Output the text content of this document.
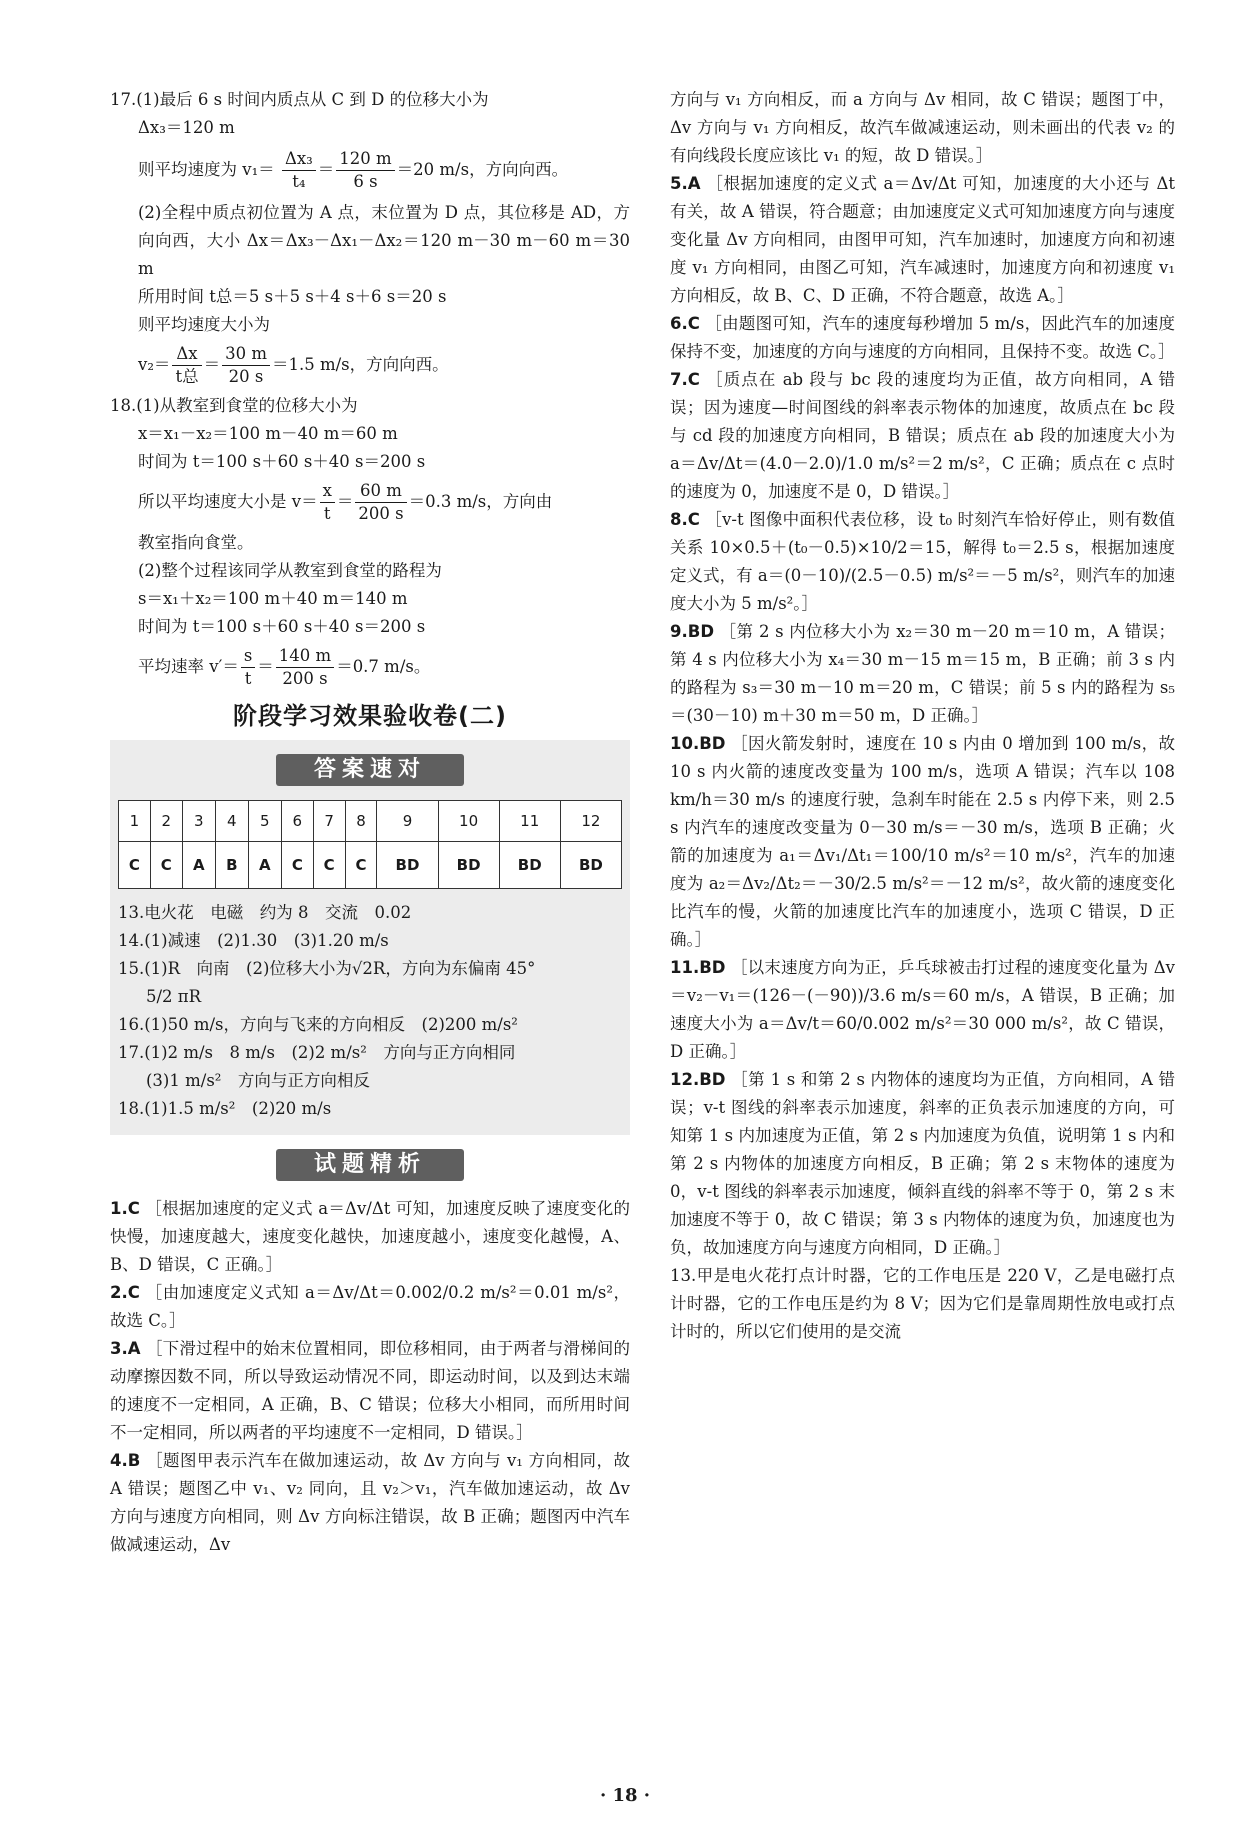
17.(1)最后 6 s 时间内质点从 C 到 D 的位移大小为

Δx₃＝120 m

则平均速度为 $v_1= \frac{\text{Δx₃}}{\text{t₄}} = \frac{120 m}{6 s} =20$ m/s，方向向西。

(2)全程中质点初位置为 A 点，末位置为 D 点，其位移是 AD，方向向西，大小 Δx＝Δx₃－Δx₁－Δx₂＝120 m－30 m－60 m＝30 m

所用时间 t总＝5 s＋5 s＋4 s＋6 s＝20 s

则平均速度大小为

$v_2= \frac{\Delta x}{\text{t总}} = \frac{30 m}{20 s} =1.5$ m/s，方向向西。

18.(1)从教室到食堂的位移大小为

x＝x₁－x₂＝100 m－40 m＝60 m

时间为 t＝100 s＋60 s＋40 s＝200 s

所以平均速度大小是 $v= \frac{x}{t} = \frac{60 m}{200 s} =0.3$ m/s，方向由

教室指向食堂。

(2)整个过程该同学从教室到食堂的路程为

s＝x₁＋x₂＝100 m＋40 m＝140 m

时间为 t＝100 s＋60 s＋40 s＝200 s

平均速率 $v'= \frac{s}{t} = \frac{140 m}{200 s} =0.7$ m/s。

阶段学习效果验收卷(二)
答案速对
1	2	3	4	5	6	7	8	9	10	11	12
C	C	A	B	A	C	C	C	BD	BD	BD	BD

13.电火花　电磁　约为 8　交流　0.02

14.(1)减速　(2)1.30　(3)1.20 m/s

15.(1)R　向南　(2)位移大小为√2R，方向为东偏南 45°

5/2 πR

16.(1)50 m/s，方向与飞来的方向相反　(2)200 m/s²

17.(1)2 m/s　8 m/s　(2)2 m/s²　方向与正方向相同

(3)1 m/s²　方向与正方向相反

18.(1)1.5 m/s²　(2)20 m/s

试题精析

1.C ［根据加速度的定义式 a＝Δv/Δt 可知，加速度反映了速度变化的快慢，加速度越大，速度变化越快，加速度越小，速度变化越慢，A、B、D 错误，C 正确。］

2.C ［由加速度定义式知 a＝Δv/Δt＝0.002/0.2 m/s²＝0.01 m/s²，故选 C。］

3.A ［下滑过程中的始末位置相同，即位移相同，由于两者与滑梯间的动摩擦因数不同，所以导致运动情况不同，即运动时间，以及到达末端的速度不一定相同，A 正确，B、C 错误；位移大小相同，而所用时间不一定相同，所以两者的平均速度不一定相同，D 错误。］

4.B ［题图甲表示汽车在做加速运动，故 Δv 方向与 v₁ 方向相同，故 A 错误；题图乙中 v₁、v₂ 同向，且 v₂＞v₁，汽车做加速运动，故 Δv 方向与速度方向相同，则 Δv 方向标注错误，故 B 正确；题图丙中汽车做减速运动，Δv

方向与 v₁ 方向相反，而 a 方向与 Δv 相同，故 C 错误；题图丁中，Δv 方向与 v₁ 方向相反，故汽车做减速运动，则未画出的代表 v₂ 的有向线段长度应该比 v₁ 的短，故 D 错误。］

5.A ［根据加速度的定义式 a＝Δv/Δt 可知，加速度的大小还与 Δt 有关，故 A 错误，符合题意；由加速度定义式可知加速度方向与速度变化量 Δv 方向相同，由图甲可知，汽车加速时，加速度方向和初速度 v₁ 方向相同，由图乙可知，汽车减速时，加速度方向和初速度 v₁ 方向相反，故 B、C、D 正确，不符合题意，故选 A。］

6.C ［由题图可知，汽车的速度每秒增加 5 m/s，因此汽车的加速度保持不变，加速度的方向与速度的方向相同，且保持不变。故选 C。］

7.C ［质点在 ab 段与 bc 段的速度均为正值，故方向相同，A 错误；因为速度—时间图线的斜率表示物体的加速度，故质点在 bc 段与 cd 段的加速度方向相同，B 错误；质点在 ab 段的加速度大小为 a＝Δv/Δt＝(4.0－2.0)/1.0 m/s²＝2 m/s²，C 正确；质点在 c 点时的速度为 0，加速度不是 0，D 错误。］

8.C ［v-t 图像中面积代表位移，设 t₀ 时刻汽车恰好停止，则有数值关系 10×0.5＋(t₀－0.5)×10/2＝15，解得 t₀＝2.5 s，根据加速度定义式，有 a＝(0－10)/(2.5－0.5) m/s²＝－5 m/s²，则汽车的加速度大小为 5 m/s²。］

9.BD ［第 2 s 内位移大小为 x₂＝30 m－20 m＝10 m，A 错误；第 4 s 内位移大小为 x₄＝30 m－15 m＝15 m，B 正确；前 3 s 内的路程为 s₃＝30 m－10 m＝20 m，C 错误；前 5 s 内的路程为 s₅＝(30－10) m＋30 m＝50 m，D 正确。］

10.BD ［因火箭发射时，速度在 10 s 内由 0 增加到 100 m/s，故 10 s 内火箭的速度改变量为 100 m/s，选项 A 错误；汽车以 108 km/h＝30 m/s 的速度行驶，急刹车时能在 2.5 s 内停下来，则 2.5 s 内汽车的速度改变量为 0－30 m/s＝－30 m/s，选项 B 正确；火箭的加速度为 a₁＝Δv₁/Δt₁＝100/10 m/s²＝10 m/s²，汽车的加速度为 a₂＝Δv₂/Δt₂＝－30/2.5 m/s²＝－12 m/s²，故火箭的速度变化比汽车的慢，火箭的加速度比汽车的加速度小，选项 C 错误，D 正确。］

11.BD ［以末速度方向为正，乒乓球被击打过程的速度变化量为 Δv＝v₂－v₁＝(126－(－90))/3.6 m/s＝60 m/s，A 错误，B 正确；加速度大小为 a＝Δv/t＝60/0.002 m/s²＝30 000 m/s²，故 C 错误，D 正确。］

12.BD ［第 1 s 和第 2 s 内物体的速度均为正值，方向相同，A 错误；v-t 图线的斜率表示加速度，斜率的正负表示加速度的方向，可知第 1 s 内加速度为正值，第 2 s 内加速度为负值，说明第 1 s 内和第 2 s 内物体的加速度方向相反，B 正确；第 2 s 末物体的速度为 0，v-t 图线的斜率表示加速度，倾斜直线的斜率不等于 0，第 2 s 末加速度不等于 0，故 C 错误；第 3 s 内物体的速度为负，加速度也为负，故加速度方向与速度方向相同，D 正确。］

13.甲是电火花打点计时器，它的工作电压是 220 V，乙是电磁打点计时器，它的工作电压是约为 8 V；因为它们是靠周期性放电或打点计时的，所以它们使用的是交流

· 18 ·
